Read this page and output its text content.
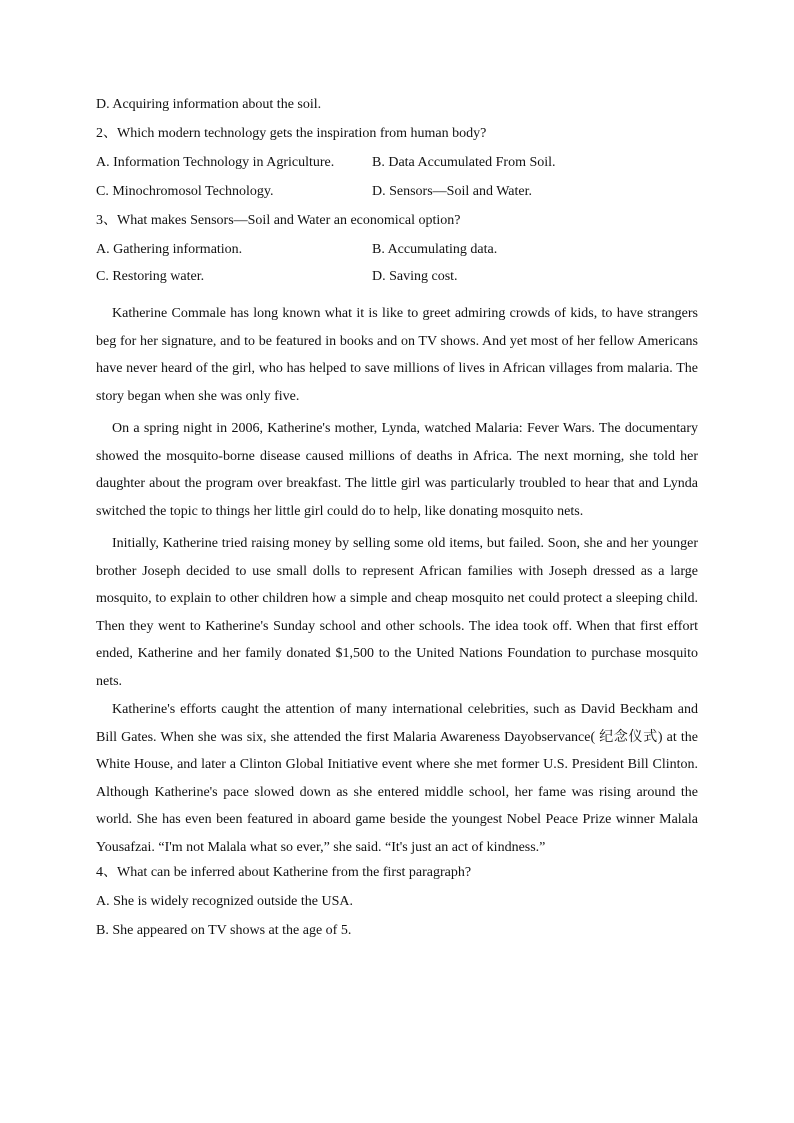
D. Acquiring information about the soil.
2、Which modern technology gets the inspiration from human body?
A. Information Technology in Agriculture.	B. Data Accumulated From Soil.
C. Minochromosol Technology.	D. Sensors—Soil and Water.
3、What makes Sensors—Soil and Water an economical option?
A. Gathering information.	B. Accumulating data.
C. Restoring water.	D. Saving cost.

Katherine Commale has long known what it is like to greet admiring crowds of kids, to have strangers beg for her signature, and to be featured in books and on TV shows. And yet most of her fellow Americans have never heard of the girl, who has helped to save millions of lives in African villages from malaria. The story began when she was only five.

On a spring night in 2006, Katherine's mother, Lynda, watched Malaria: Fever Wars. The documentary showed the mosquito-borne disease caused millions of deaths in Africa. The next morning, she told her daughter about the program over breakfast. The little girl was particularly troubled to hear that and Lynda switched the topic to things her little girl could do to help, like donating mosquito nets.

Initially, Katherine tried raising money by selling some old items, but failed. Soon, she and her younger brother Joseph decided to use small dolls to represent African families with Joseph dressed as a large mosquito, to explain to other children how a simple and cheap mosquito net could protect a sleeping child. Then they went to Katherine's Sunday school and other schools. The idea took off. When that first effort ended, Katherine and her family donated $1,500 to the United Nations Foundation to purchase mosquito nets.

Katherine's efforts caught the attention of many international celebrities, such as David Beckham and Bill Gates. When she was six, she attended the first Malaria Awareness Dayobservance( 纪念仪式) at the White House, and later a Clinton Global Initiative event where she met former U.S. President Bill Clinton. Although Katherine's pace slowed down as she entered middle school, her fame was rising around the world. She has even been featured in aboard game beside the youngest Nobel Peace Prize winner Malala Yousafzai. “I'm not Malala what so ever,” she said. “It's just an act of kindness.”

4、What can be inferred about Katherine from the first paragraph?
A. She is widely recognized outside the USA.
B. She appeared on TV shows at the age of 5.
